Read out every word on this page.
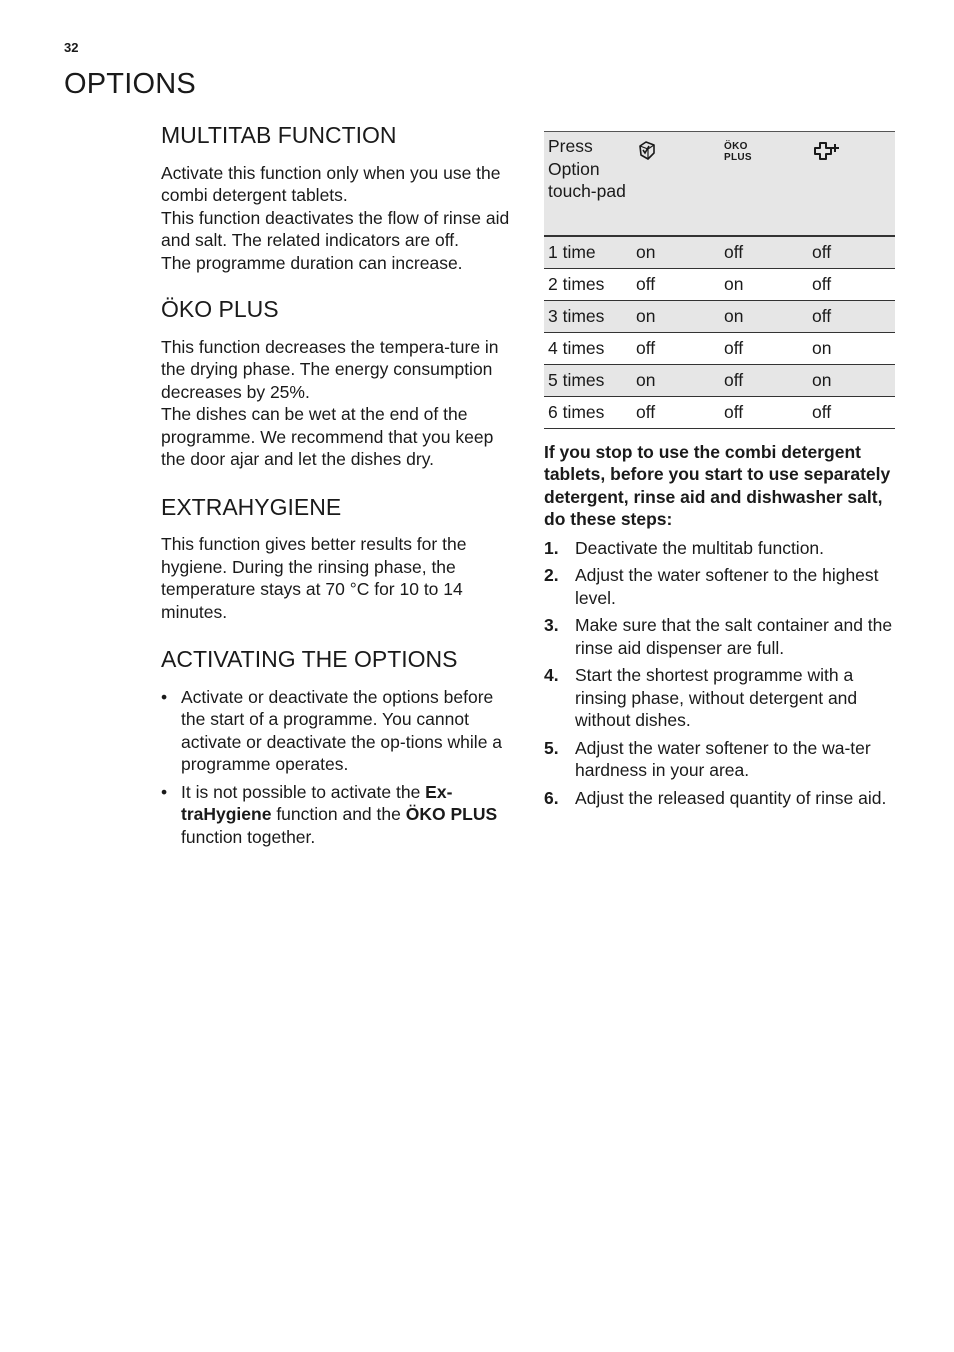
32
OPTIONS
MULTITAB FUNCTION

Activate this function only when you use the combi detergent tablets.

This function deactivates the flow of rinse aid and salt. The related indicators are off.

The programme duration can increase.

ÖKO PLUS

This function decreases the tempera-ture in the drying phase. The energy consumption decreases by 25%.

The dishes can be wet at the end of the programme. We recommend that you keep the door ajar and let the dishes dry.

EXTRAHYGIENE

This function gives better results for the hygiene. During the rinsing phase, the temperature stays at 70 °C for 10 to 14 minutes.

ACTIVATING THE OPTIONS
• Activate or deactivate the options before the start of a programme. You cannot activate or deactivate the op-tions while a programme operates.
• It is not possible to activate the Ex-traHygiene function and the ÖKO PLUS function together.
Press Option touch-pad		ÖKO
PLUS	
1 time	on	off	off
2 times	off	on	off
3 times	on	on	off
4 times	off	off	on
5 times	on	off	on
6 times	off	off	off

If you stop to use the combi detergent tablets, before you start to use separately detergent, rinse aid and dishwasher salt, do these steps:

1. Deactivate the multitab function.
2. Adjust the water softener to the highest level.
3. Make sure that the salt container and the rinse aid dispenser are full.
4. Start the shortest programme with a rinsing phase, without detergent and without dishes.
5. Adjust the water softener to the wa-ter hardness in your area.
6. Adjust the released quantity of rinse aid.
